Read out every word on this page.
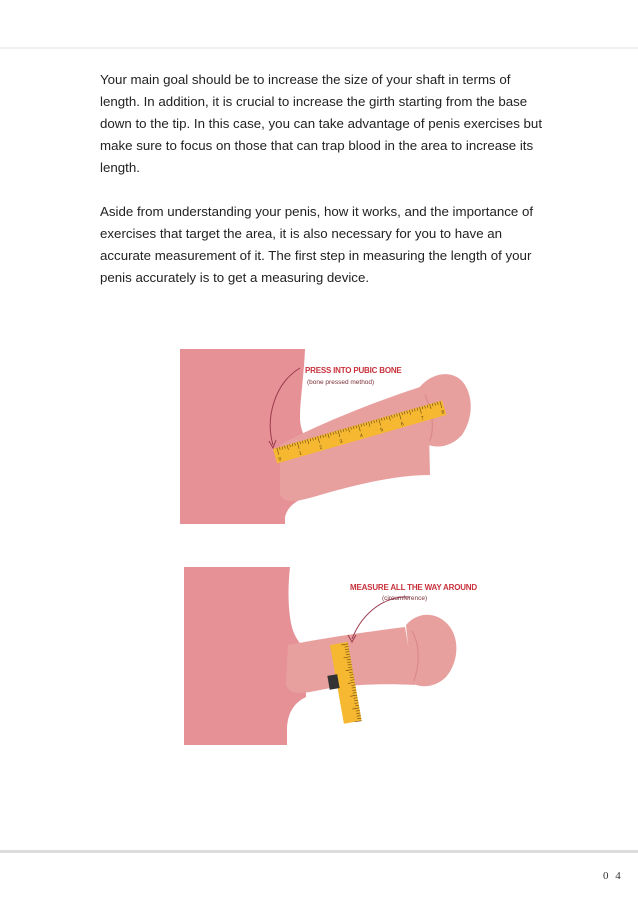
Your main goal should be to increase the size of your shaft in terms of length. In addition, it is crucial to increase the girth starting from the base down to the tip. In this case, you can take advantage of penis exercises but make sure to focus on those that can trap blood in the area to increase its length.

Aside from understanding your penis, how it works, and the importance of exercises that target the area, it is also necessary for you to have an accurate measurement of it. The first step in measuring the length of your penis accurately is to get a measuring device.

0
1
2
3
4
5
6
7
8
PRESS INTO PUBIC BONE
(bone pressed method)
MEASURE ALL THE WAY AROUND
(circumference)
0 4
